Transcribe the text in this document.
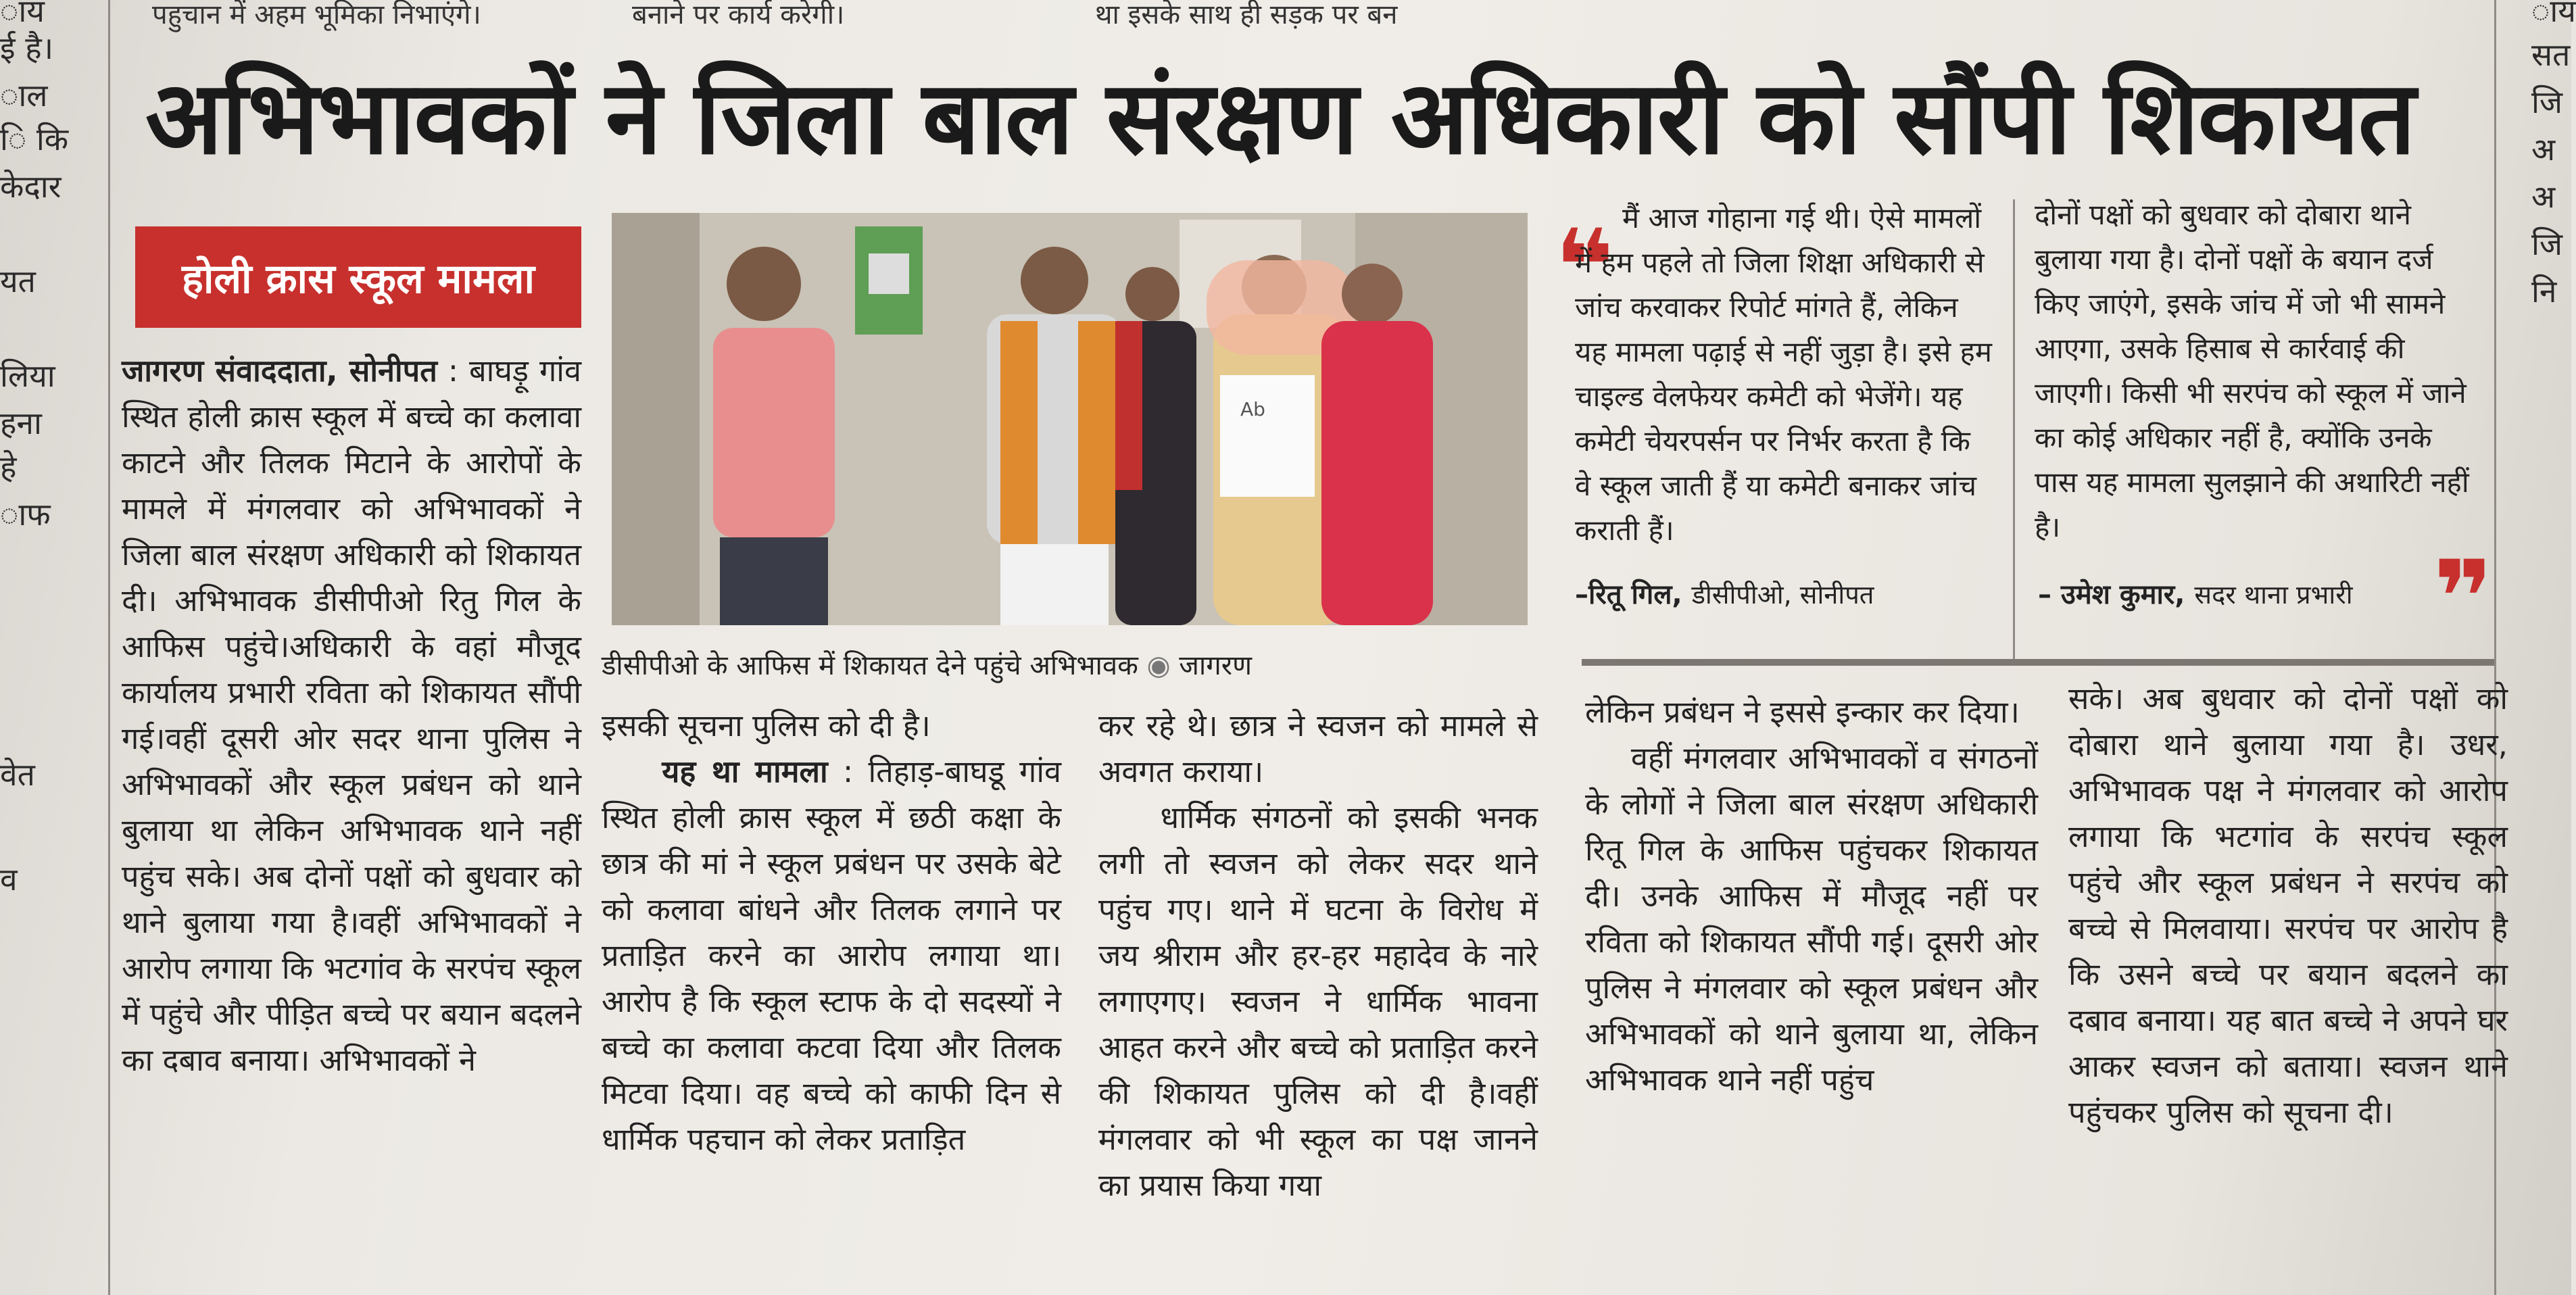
पहुचान में अहम भूमिका निभाएंगे।	बनाने पर कार्य करेगी।	था इसके साथ ही सड़क पर बन
ाय
ई है।
ाल
ि कि
केदार
यत
लिया
हना
हे
ाफ
वेत
व
ाय
सत
जि
अ
अ
जि
नि
अभिभावकों ने जिला बाल संरक्षण अधिकारी को सौंपी शिकायत
होली क्रास स्कूल मामला
जागरण संवाददाता, सोनीपत : बाघड़ू गांव स्थित होली क्रास स्कूल में बच्चे का कलावा काटने और तिलक मिटाने के आरोपों के मामले में मंगलवार को अभिभावकों ने जिला बाल संरक्षण अधिकारी को शिकायत दी। अभिभावक डीसीपीओ रितु गिल के आफिस पहुंचे।अधिकारी के वहां मौजूद कार्यालय प्रभारी रविता को शिकायत सौंपी गई।वहीं दूसरी ओर सदर थाना पुलिस ने अभिभावकों और स्कूल प्रबंधन को थाने बुलाया था लेकिन अभिभावक थाने नहीं पहुंच सके। अब दोनों पक्षों को बुधवार को थाने बुलाया गया है।वहीं अभिभावकों ने आरोप लगाया कि भटगांव के सरपंच स्कूल में पहुंचे और पीड़ित बच्चे पर बयान बदलने का दबाव बनाया। अभिभावकों ने
Ab
डीसीपीओ के आफिस में शिकायत देने पहुंचे अभिभावक ◉ जागरण
इसकी सूचना पुलिस को दी है।
यह था मामला : तिहाड़-बाघडू गांव स्थित होली क्रास स्कूल में छठी कक्षा के छात्र की मां ने स्कूल प्रबंधन पर उसके बेटे को कलावा बांधने और तिलक लगाने पर प्रताड़ित करने का आरोप लगाया था। आरोप है कि स्कूल स्टाफ के दो सदस्यों ने बच्चे का कलावा कटवा दिया और तिलक मिटवा दिया। वह बच्चे को काफी दिन से धार्मिक पहचान को लेकर प्रताड़ित
कर रहे थे। छात्र ने स्वजन को मामले से अवगत कराया।
धार्मिक संगठनों को इसकी भनक लगी तो स्वजन को लेकर सदर थाने पहुंच गए। थाने में घटना के विरोध में जय श्रीराम और हर-हर महादेव के नारे लगाएगए। स्वजन ने धार्मिक भावना आहत करने और बच्चे को प्रताड़ित करने की शिकायत पुलिस को दी है।वहीं मंगलवार को भी स्कूल का पक्ष जानने का प्रयास किया गया
❝ मैं आज गोहाना गई थी। ऐसे मामलों में हम पहले तो जिला शिक्षा अधिकारी से जांच करवाकर रिपोर्ट मांगते हैं, लेकिन यह मामला पढ़ाई से नहीं जुड़ा है। इसे हम चाइल्ड वेलफेयर कमेटी को भेजेंगे। यह कमेटी चेयरपर्सन पर निर्भर करता है कि वे स्कूल जाती हैं या कमेटी बनाकर जांच कराती हैं।
–रितू गिल, डीसीपीओ, सोनीपत
दोनों पक्षों को बुधवार को दोबारा थाने बुलाया गया है। दोनों पक्षों के बयान दर्ज किए जाएंगे, इसके जांच में जो भी सामने आएगा, उसके हिसाब से कार्रवाई की जाएगी। किसी भी सरपंच को स्कूल में जाने का कोई अधिकार नहीं है, क्योंकि उनके पास यह मामला सुलझाने की अथारिटी नहीं है।
– उमेश कुमार, सदर थाना प्रभारी ❞
लेकिन प्रबंधन ने इससे इन्कार कर दिया।
वहीं मंगलवार अभिभावकों व संगठनों के लोगों ने जिला बाल संरक्षण अधिकारी रितू गिल के आफिस पहुंचकर शिकायत दी। उनके आफिस में मौजूद नहीं पर रविता को शिकायत सौंपी गई। दूसरी ओर पुलिस ने मंगलवार को स्कूल प्रबंधन और अभिभावकों को थाने बुलाया था, लेकिन अभिभावक थाने नहीं पहुंच
सके। अब बुधवार को दोनों पक्षों को दोबारा थाने बुलाया गया है। उधर, अभिभावक पक्ष ने मंगलवार को आरोप लगाया कि भटगांव के सरपंच स्कूल पहुंचे और स्कूल प्रबंधन ने सरपंच को बच्चे से मिलवाया। सरपंच पर आरोप है कि उसने बच्चे पर बयान बदलने का दबाव बनाया। यह बात बच्चे ने अपने घर आकर स्वजन को बताया। स्वजन थाने पहुंचकर पुलिस को सूचना दी।
